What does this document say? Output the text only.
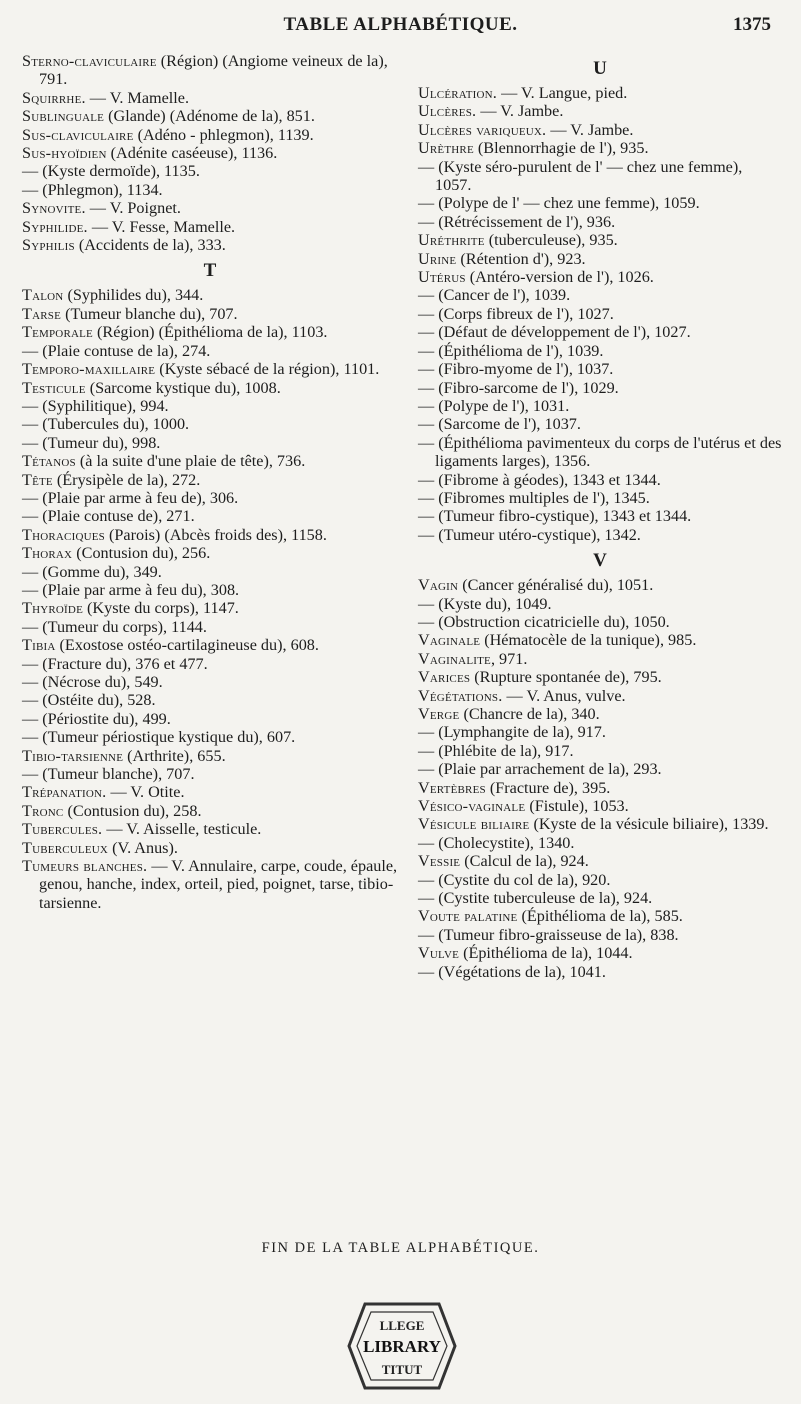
TABLE ALPHABÉTIQUE.	1375
Sterno-claviculaire (Région) (Angiome veineux de la), 791.
Squirrhe. — V. Mamelle.
Sublinguale (Glande) (Adénome de la), 851.
Sus-claviculaire (Adéno - phlegmon), 1139.
Sus-hyoïdien (Adénite caséeuse), 1136.
— (Kyste dermoïde), 1135.
— (Phlegmon), 1134.
Synovite. — V. Poignet.
Syphilide. — V. Fesse, Mamelle.
Syphilis (Accidents de la), 333.
T
Talon (Syphilides du), 344.
Tarse (Tumeur blanche du), 707.
Temporale (Région) (Épithélioma de la), 1103.
— (Plaie contuse de la), 274.
Temporo-maxillaire (Kyste sébacé de la région), 1101.
Testicule (Sarcome kystique du), 1008.
— (Syphilitique), 994.
— (Tubercules du), 1000.
— (Tumeur du), 998.
Tétanos (à la suite d'une plaie de tête), 736.
Tête (Érysipèle de la), 272.
— (Plaie par arme à feu de), 306.
— (Plaie contuse de), 271.
Thoraciques (Parois) (Abcès froids des), 1158.
Thorax (Contusion du), 256.
— (Gomme du), 349.
— (Plaie par arme à feu du), 308.
Thyroïde (Kyste du corps), 1147.
— (Tumeur du corps), 1144.
Tibia (Exostose ostéo-cartilagineuse du), 608.
— (Fracture du), 376 et 477.
— (Nécrose du), 549.
— (Ostéite du), 528.
— (Périostite du), 499.
— (Tumeur périostique kystique du), 607.
Tibio-tarsienne (Arthrite), 655.
— (Tumeur blanche), 707.
Trépanation. — V. Otite.
Tronc (Contusion du), 258.
Tubercules. — V. Aisselle, testicule.
Tuberculeux (V. Anus).
Tumeurs blanches. — V. Annulaire, carpe, coude, épaule, genou, hanche, index, orteil, pied, poignet, tarse, tibio-tarsienne.
U
Ulcération. — V. Langue, pied.
Ulcères. — V. Jambe.
Ulcères variqueux. — V. Jambe.
Urèthre (Blennorrhagie de l'), 935.
— (Kyste séro-purulent de l' — chez une femme), 1057.
— (Polype de l' — chez une femme), 1059.
— (Rétrécissement de l'), 936.
Uréthrite (tuberculeuse), 935.
Urine (Rétention d'), 923.
Utérus (Antéro-version de l'), 1026.
— (Cancer de l'), 1039.
— (Corps fibreux de l'), 1027.
— (Défaut de développement de l'), 1027.
— (Épithélioma de l'), 1039.
— (Fibro-myome de l'), 1037.
— (Fibro-sarcome de l'), 1029.
— (Polype de l'), 1031.
— (Sarcome de l'), 1037.
— (Épithélioma pavimenteux du corps de l'utérus et des ligaments larges), 1356.
— (Fibrome à géodes), 1343 et 1344.
— (Fibromes multiples de l'), 1345.
— (Tumeur fibro-cystique), 1343 et 1344.
— (Tumeur utéro-cystique), 1342.
V
Vagin (Cancer généralisé du), 1051.
— (Kyste du), 1049.
— (Obstruction cicatricielle du), 1050.
Vaginale (Hématocèle de la tunique), 985.
Vaginalite, 971.
Varices (Rupture spontanée de), 795.
Végétations. — V. Anus, vulve.
Verge (Chancre de la), 340.
— (Lymphangite de la), 917.
— (Phlébite de la), 917.
— (Plaie par arrachement de la), 293.
Vertèbres (Fracture de), 395.
Vésico-vaginale (Fistule), 1053.
Vésicule biliaire (Kyste de la vésicule biliaire), 1339.
— (Cholecystite), 1340.
Vessie (Calcul de la), 924.
— (Cystite du col de la), 920.
— (Cystite tuberculeuse de la), 924.
Voute palatine (Épithélioma de la), 585.
— (Tumeur fibro-graisseuse de la), 838.
Vulve (Épithélioma de la), 1044.
— (Végétations de la), 1041.
FIN DE LA TABLE ALPHABÉTIQUE.
LLEGE
LIBRARY
TITUT
